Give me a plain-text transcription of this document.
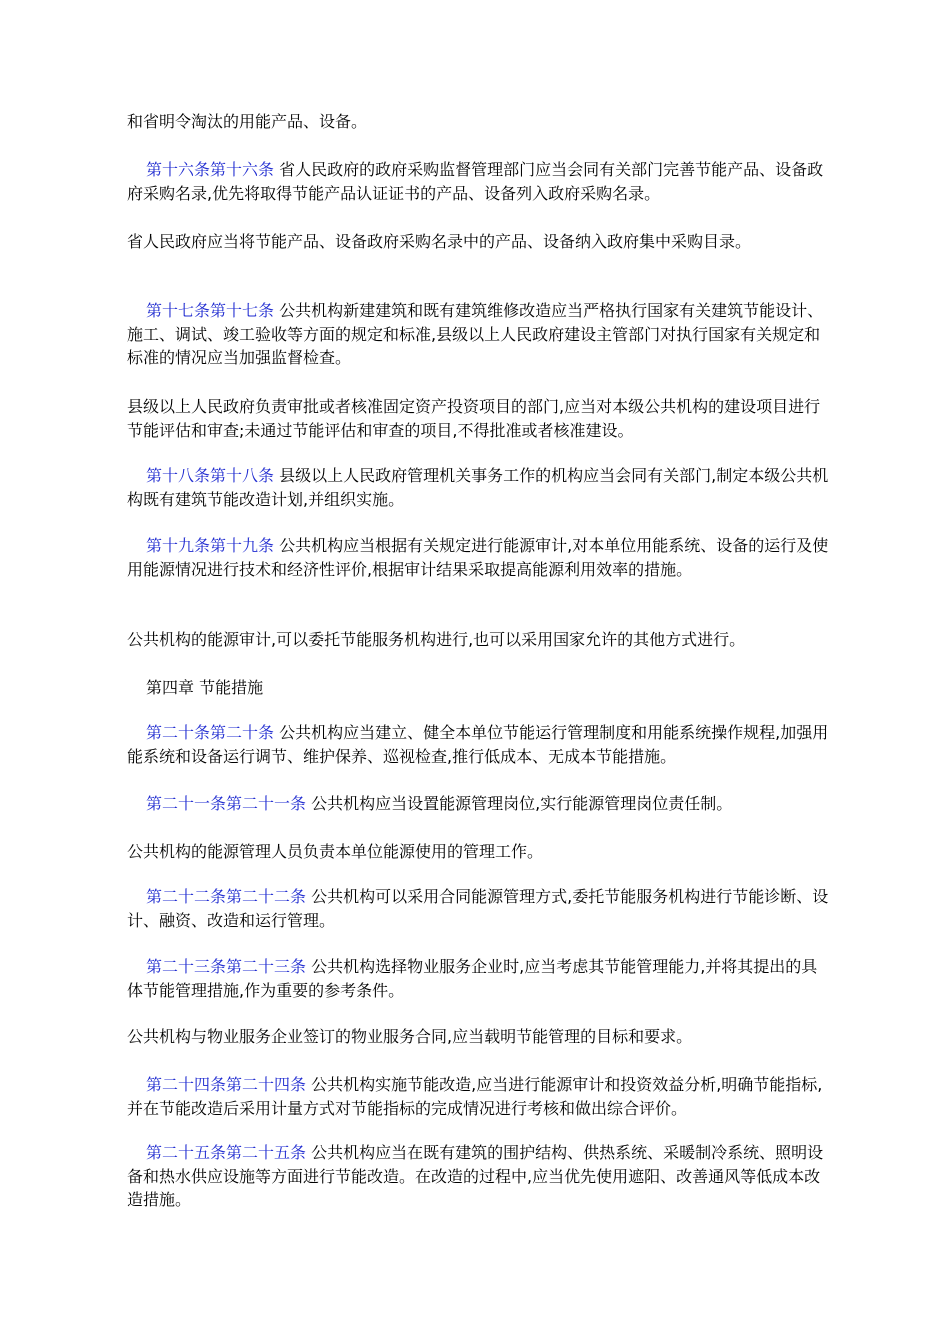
和省明令淘汰的用能产品、设备。

第十六条第十六条 省人民政府的政府采购监督管理部门应当会同有关部门完善节能产品、设备政府采购名录,优先将取得节能产品认证证书的产品、设备列入政府采购名录。

省人民政府应当将节能产品、设备政府采购名录中的产品、设备纳入政府集中采购目录。

第十七条第十七条 公共机构新建建筑和既有建筑维修改造应当严格执行国家有关建筑节能设计、施工、调试、竣工验收等方面的规定和标准,县级以上人民政府建设主管部门对执行国家有关规定和标准的情况应当加强监督检查。

县级以上人民政府负责审批或者核准固定资产投资项目的部门,应当对本级公共机构的建设项目进行节能评估和审查;未通过节能评估和审查的项目,不得批准或者核准建设。

第十八条第十八条 县级以上人民政府管理机关事务工作的机构应当会同有关部门,制定本级公共机构既有建筑节能改造计划,并组织实施。

第十九条第十九条 公共机构应当根据有关规定进行能源审计,对本单位用能系统、设备的运行及使用能源情况进行技术和经济性评价,根据审计结果采取提高能源利用效率的措施。

公共机构的能源审计,可以委托节能服务机构进行,也可以采用国家允许的其他方式进行。

第四章 节能措施

第二十条第二十条 公共机构应当建立、健全本单位节能运行管理制度和用能系统操作规程,加强用能系统和设备运行调节、维护保养、巡视检查,推行低成本、无成本节能措施。

第二十一条第二十一条 公共机构应当设置能源管理岗位,实行能源管理岗位责任制。

公共机构的能源管理人员负责本单位能源使用的管理工作。

第二十二条第二十二条 公共机构可以采用合同能源管理方式,委托节能服务机构进行节能诊断、设计、融资、改造和运行管理。

第二十三条第二十三条 公共机构选择物业服务企业时,应当考虑其节能管理能力,并将其提出的具体节能管理措施,作为重要的参考条件。

公共机构与物业服务企业签订的物业服务合同,应当载明节能管理的目标和要求。

第二十四条第二十四条 公共机构实施节能改造,应当进行能源审计和投资效益分析,明确节能指标,并在节能改造后采用计量方式对节能指标的完成情况进行考核和做出综合评价。

第二十五条第二十五条 公共机构应当在既有建筑的围护结构、供热系统、采暖制冷系统、照明设备和热水供应设施等方面进行节能改造。在改造的过程中,应当优先使用遮阳、改善通风等低成本改造措施。
